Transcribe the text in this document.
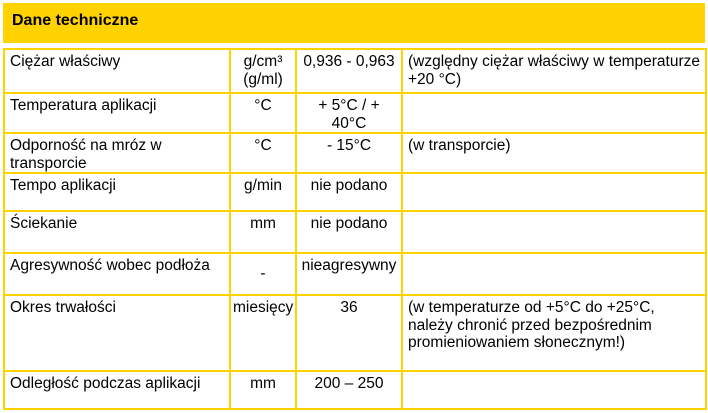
Dane techniczne
Ciężar właściwy	g/cm³ (g/ml)	0,936 - 0,963	(względny ciężar właściwy w temperaturze +20 °C)
Temperatura aplikacji	°C	+ 5°C / + 40°C	
Odporność na mróz w transporcie	°C	- 15°C	(w transporcie)
Tempo aplikacji	g/min	nie podano	
Ściekanie	mm	nie podano	
Agresywność wobec podłoża	-	nieagresywny	
Okres trwałości	miesięcy	36	(w temperaturze od +5°C do +25°C, należy chronić przed bezpośrednim promieniowaniem słonecznym!)
Odległość podczas aplikacji	mm	200 – 250	
